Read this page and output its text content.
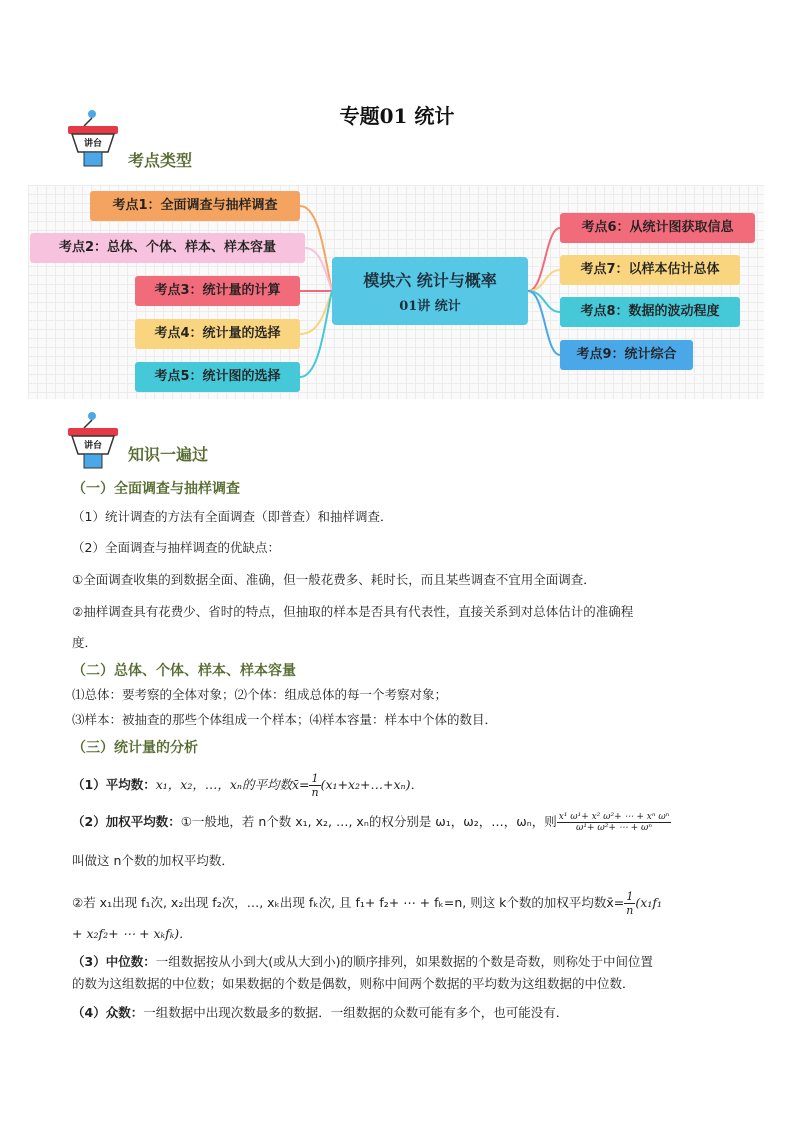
专题01 统计
讲台
考点类型
考点1：全面调查与抽样调查
考点2：总体、个体、样本、样本容量
考点3：统计量的计算
考点4：统计量的选择
考点5：统计图的选择
模块六 统计与概率
01讲 统计
考点6：从统计图获取信息
考点7：以样本估计总体
考点8：数据的波动程度
考点9：统计综合
讲台 知识一遍过
（一）全面调查与抽样调查
（1）统计调查的方法有全面调查（即普查）和抽样调查．
（2）全面调查与抽样调查的优缺点：
①全面调查收集的到数据全面、准确，但一般花费多、耗时长，而且某些调查不宜用全面调查．
②抽样调查具有花费少、省时的特点，但抽取的样本是否具有代表性，直接关系到对总体估计的准确程
度．
（二）总体、个体、样本、样本容量
⑴总体：要考察的全体对象；⑵个体：组成总体的每一个考察对象；
⑶样本：被抽查的那些个体组成一个样本；⑷样本容量：样本中个体的数目．
（三）统计量的分析
（1）平均数：x₁，x₂，…，xₙ的平均数x̄= $\frac{1}{n}$ (x₁+x₂+…+xₙ)．
（2）加权平均数：①一般地，若 n个数 x₁, x₂, …, xₙ的权分别是 ω₁，ω₂，…，ωₙ，则 $\frac{\text{x¹ ω¹+ x² ω²+ ⋯ + xⁿ ωⁿ}}{\text{ω¹+ ω²+ ⋯ + ωⁿ}}$
叫做这 n个数的加权平均数．
②若 x₁出现 f₁次, x₂出现 f₂次，…, xₖ出现 fₖ次, 且 f₁+ f₂+ ⋯ + fₖ=n, 则这 k个数的加权平均数x̄= $\frac{1}{n} (x_1f_1$
+ x₂f₂+ ⋯ + xₖfₖ)．
（3）中位数：一组数据按从小到大(或从大到小)的顺序排列，如果数据的个数是奇数，则称处于中间位置
的数为这组数据的中位数；如果数据的个数是偶数，则称中间两个数据的平均数为这组数据的中位数．
（4）众数：一组数据中出现次数最多的数据．一组数据的众数可能有多个，也可能没有．
